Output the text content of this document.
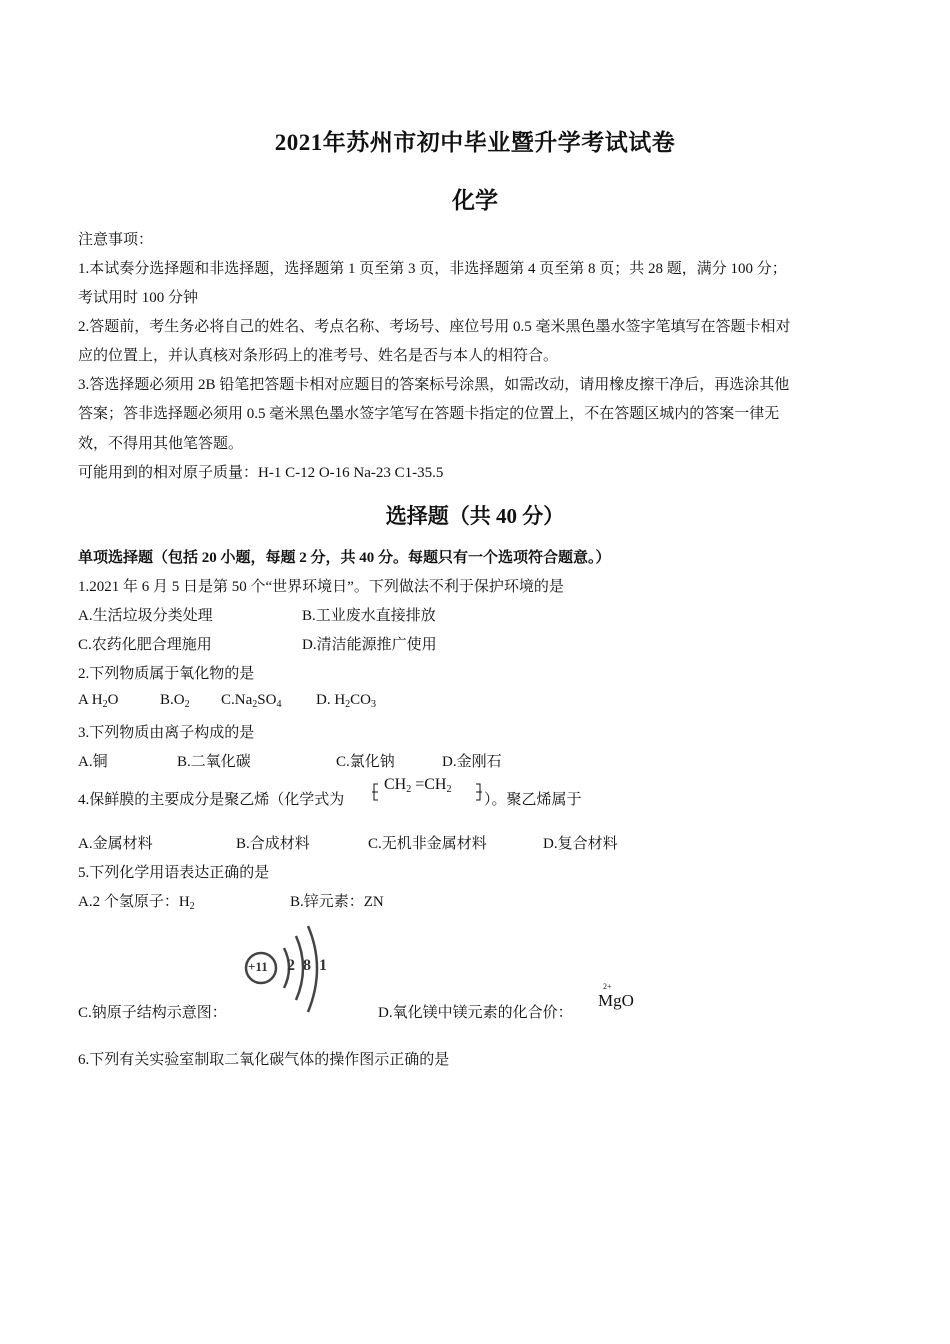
2021年苏州市初中毕业暨升学考试试卷
化学
注意事项：
1.本试奏分选择题和非选择题，选择题第 1 页至第 3 页，非选择题第 4 页至第 8 页；共 28 题，满分 100 分；
考试用时 100 分钟
2.答题前，考生务必将自己的姓名、考点名称、考场号、座位号用 0.5 毫米黑色墨水签字笔填写在答题卡相对
应的位置上，并认真核对条形码上的准考号、姓名是否与本人的相符合。
3.答选择题必须用 2B 铅笔把答题卡相对应题目的答案标号涂黑，如需改动，请用橡皮擦干净后，再选涂其他
答案；答非选择题必须用 0.5 毫米黑色墨水签字笔写在答题卡指定的位置上，不在答题区城内的答案一律无
效，不得用其他笔答题。
可能用到的相对原子质量：H-1 C-12 O-16 Na-23 C1-35.5
选择题（共 40 分）
单项选择题（包括 20 小题，每题 2 分，共 40 分。每题只有一个选项符合题意。）
1.2021 年 6 月 5 日是第 50 个“世界环境日”。下列做法不利于保护环境的是
A.生活垃圾分类处理	B.工业废水直接排放
C.农药化肥合理施用	D.清洁能源推广使用
2.下列物质属于氧化物的是
A $H_2O$	$B.O_2$ $C.Na_2SO_4$ D. $H_2CO_3$
3.下列物质由离子构成的是
A.铜	B.二氧化碳	C.氯化钠	D.金刚石
4.保鲜膜的主要成分是聚乙烯（化学式为
$CH_2 =CH_2$
）。聚乙烯属于
A.金属材料	B.合成材料	C.无机非金属材料	D.复合材料
5.下列化学用语表达正确的是
A.2 个氢原子：$H_2$	B.锌元素：ZN
+11 2 8 1
C.钠原子结构示意图：	D.氧化镁中镁元素的化合价：
2+
MgO
6.下列有关实验室制取二氧化碳气体的操作图示正确的是
